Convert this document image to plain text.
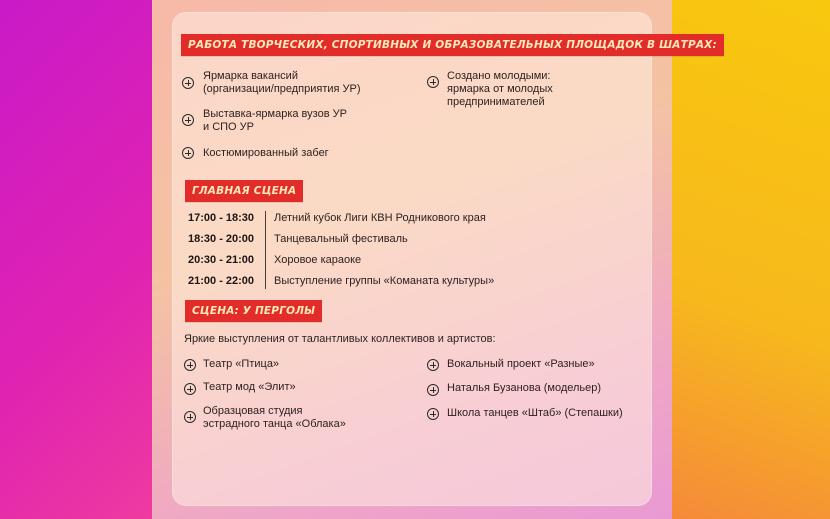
РАБОТА ТВОРЧЕСКИХ, СПОРТИВНЫХ И ОБРАЗОВАТЕЛЬНЫХ ПЛОЩАДОК В ШАТРАХ:
Ярмарка вакансий
(организации/предприятия УР)
Выставка-ярмарка вузов УР
и СПО УР
Костюмированный забег
Создано молодыми:
ярмарка от молодых
предпринимателей
ГЛАВНАЯ СЦЕНА
17:00 - 18:30 Летний кубок Лиги КВН Родникового края
18:30 - 20:00 Танцевальный фестиваль
20:30 - 21:00 Хоровое караоке
21:00 - 22:00 Выступление группы «Команата культуры»
СЦЕНА: У ПЕРГОЛЫ
Яркие выступления от талантливых коллективов и артистов:
Театр «Птица»
Театр мод «Элит»
Образцовая студия
эстрадного танца «Облака»
Вокальный проект «Разные»
Наталья Бузанова (модельер)
Школа танцев «Штаб» (Степашки)
